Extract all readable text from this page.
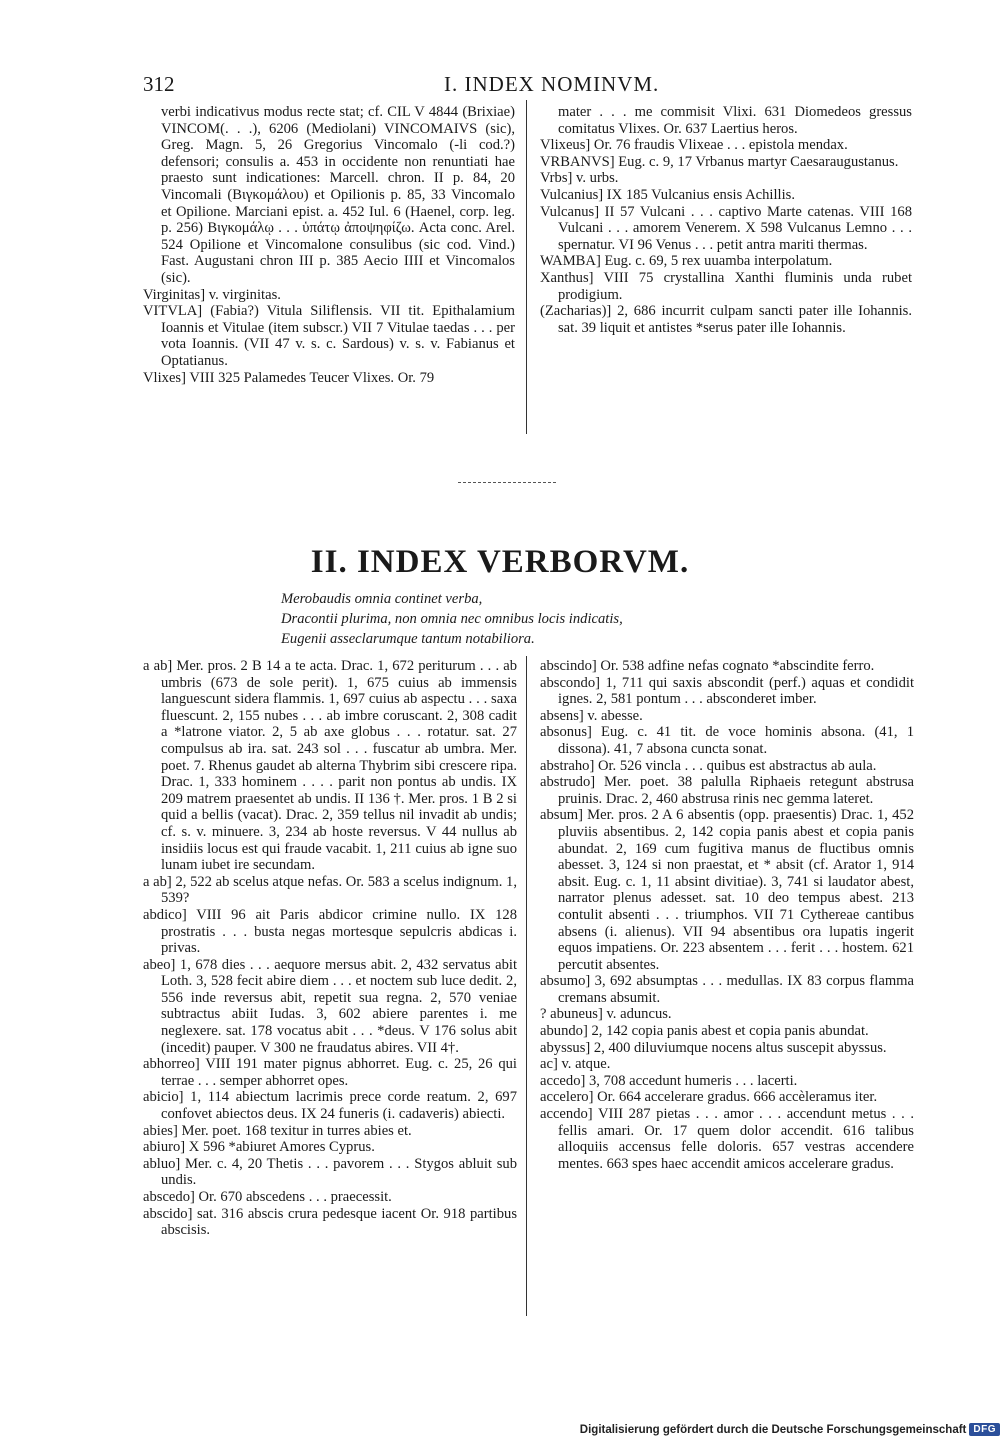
312	I. INDEX NOMINVM.

verbi indicativus modus recte stat; cf. CIL V 4844 (Brixiae) VINCOM(. . .), 6206 (Mediolani) VINCOMAIVS (sic), Greg. Magn. 5, 26 Gregorius Vincomalo (-li cod.?) defensori; consulis a. 453 in occidente non renuntiati hae praesto sunt indicationes: Marcell. chron. II p. 84, 20 Vincomali (Βιγκομάλου) et Opilionis p. 85, 33 Vincomalo et Opilione. Marciani epist. a. 452 Iul. 6 (Haenel, corp. leg. p. 256) Βιγκομάλῳ . . . ὑπάτῳ ἀποψηφίζω. Acta conc. Arel. 524 Opilione et Vincomalone consulibus (sic cod. Vind.) Fast. Augustani chron III p. 385 Aecio IIII et Vincomalos (sic).

Virginitas] v. virginitas.

VITVLA] (Fabia?) Vitula Siliflensis. VII tit. Epithalamium Ioannis et Vitulae (item subscr.) VII 7 Vitulae taedas . . . per vota Ioannis. (VII 47 v. s. c. Sardous) v. s. v. Fabianus et Optatianus.

Vlixes] VIII 325 Palamedes Teucer Vlixes. Or. 79

mater . . . me commisit Vlixi. 631 Diomedeos gressus comitatus Vlixes. Or. 637 Laertius heros.

Vlixeus] Or. 76 fraudis Vlixeae . . . epistola mendax.

VRBANVS] Eug. c. 9, 17 Vrbanus martyr Caesaraugustanus.

Vrbs] v. urbs.

Vulcanius] IX 185 Vulcanius ensis Achillis.

Vulcanus] II 57 Vulcani . . . captivo Marte catenas. VIII 168 Vulcani . . . amorem Venerem. X 598 Vulcanus Lemno . . . spernatur. VI 96 Venus . . . petit antra mariti thermas.

WAMBA] Eug. c. 69, 5 rex uuamba interpolatum.

Xanthus] VIII 75 crystallina Xanthi fluminis unda rubet prodigium.

(Zacharias)] 2, 686 incurrit culpam sancti pater ille Iohannis. sat. 39 liquit et antistes *serus pater ille Iohannis.

II. INDEX VERBORVM.
Merobaudis omnia continet verba,
Dracontii plurima, non omnia nec omnibus locis indicatis,
Eugenii asseclarumque tantum notabiliora.

a ab] Mer. pros. 2 B 14 a te acta. Drac. 1, 672 periturum . . . ab umbris (673 de sole perit). 1, 675 cuius ab immensis languescunt sidera flammis. 1, 697 cuius ab aspectu . . . saxa fluescunt. 2, 155 nubes . . . ab imbre coruscant. 2, 308 cadit a *latrone viator. 2, 5 ab axe globus . . . rotatur. sat. 27 compulsus ab ira. sat. 243 sol . . . fuscatur ab umbra. Mer. poet. 7. Rhenus gaudet ab alterna Thybrim sibi crescere ripa. Drac. 1, 333 hominem . . . . parit non pontus ab undis. IX 209 matrem praesentet ab undis. II 136 †. Mer. pros. 1 B 2 si quid a bellis (vacat). Drac. 2, 359 tellus nil invadit ab undis; cf. s. v. minuere. 3, 234 ab hoste reversus. V 44 nullus ab insidiis locus est qui fraude vacabit. 1, 211 cuius ab igne suo lunam iubet ire secundam.

a ab] 2, 522 ab scelus atque nefas. Or. 583 a scelus indignum. 1, 539?

abdico] VIII 96 ait Paris abdicor crimine nullo. IX 128 prostratis . . . busta negas mortesque sepulcris abdicas i. privas.

abeo] 1, 678 dies . . . aequore mersus abit. 2, 432 servatus abit Loth. 3, 528 fecit abire diem . . . et noctem sub luce dedit. 2, 556 inde reversus abit, repetit sua regna. 2, 570 veniae subtractus abiit Iudas. 3, 602 abiere parentes i. me neglexere. sat. 178 vocatus abit . . . *deus. V 176 solus abit (incedit) pauper. V 300 ne fraudatus abires. VII 4†.

abhorreo] VIII 191 mater pignus abhorret. Eug. c. 25, 26 qui terrae . . . semper abhorret opes.

abicio] 1, 114 abiectum lacrimis prece corde reatum. 2, 697 confovet abiectos deus. IX 24 funeris (i. cadaveris) abiecti.

abies] Mer. poet. 168 texitur in turres abies et.

abiuro] X 596 *abiuret Amores Cyprus.

abluo] Mer. c. 4, 20 Thetis . . . pavorem . . . Stygos abluit sub undis.

abscedo] Or. 670 abscedens . . . praecessit.

abscido] sat. 316 abscis crura pedesque iacent Or. 918 partibus abscisis.

abscindo] Or. 538 adfine nefas cognato *abscindite ferro.

abscondo] 1, 711 qui saxis abscondit (perf.) aquas et condidit ignes. 2, 581 pontum . . . absconderet imber.

absens] v. abesse.

absonus] Eug. c. 41 tit. de voce hominis absona. (41, 1 dissona). 41, 7 absona cuncta sonat.

abstraho] Or. 526 vincla . . . quibus est abstractus ab aula.

abstrudo] Mer. poet. 38 palulla Riphaeis retegunt abstrusa pruinis. Drac. 2, 460 abstrusa rinis nec gemma lateret.

absum] Mer. pros. 2 A 6 absentis (opp. praesentis) Drac. 1, 452 pluviis absentibus. 2, 142 copia panis abest et copia panis abundat. 2, 169 cum fugitiva manus de fluctibus omnis abesset. 3, 124 si non praestat, et * absit (cf. Arator 1, 914 absit. Eug. c. 1, 11 absint divitiae). 3, 741 si laudator abest, narrator plenus adesset. sat. 10 deo tempus abest. 213 contulit absenti . . . triumphos. VII 71 Cythereae cantibus absens (i. alienus). VII 94 absentibus ora lupatis ingerit equos impatiens. Or. 223 absentem . . . ferit . . . hostem. 621 percutit absentes.

absumo] 3, 692 absumptas . . . medullas. IX 83 corpus flamma cremans absumit.

? abuneus] v. aduncus.

abundo] 2, 142 copia panis abest et copia panis abundat.

abyssus] 2, 400 diluviumque nocens altus suscepit abyssus.

ac] v. atque.

accedo] 3, 708 accedunt humeris . . . lacerti.

accelero] Or. 664 accelerare gradus. 666 accèleramus iter.

accendo] VIII 287 pietas . . . amor . . . accendunt metus . . . fellis amari. Or. 17 quem dolor accendit. 616 talibus alloquiis accensus felle doloris. 657 vestras accendere mentes. 663 spes haec accendit amicos accelerare gradus.

Digitalisierung gefördert durch die Deutsche Forschungsgemeinschaft DFG
